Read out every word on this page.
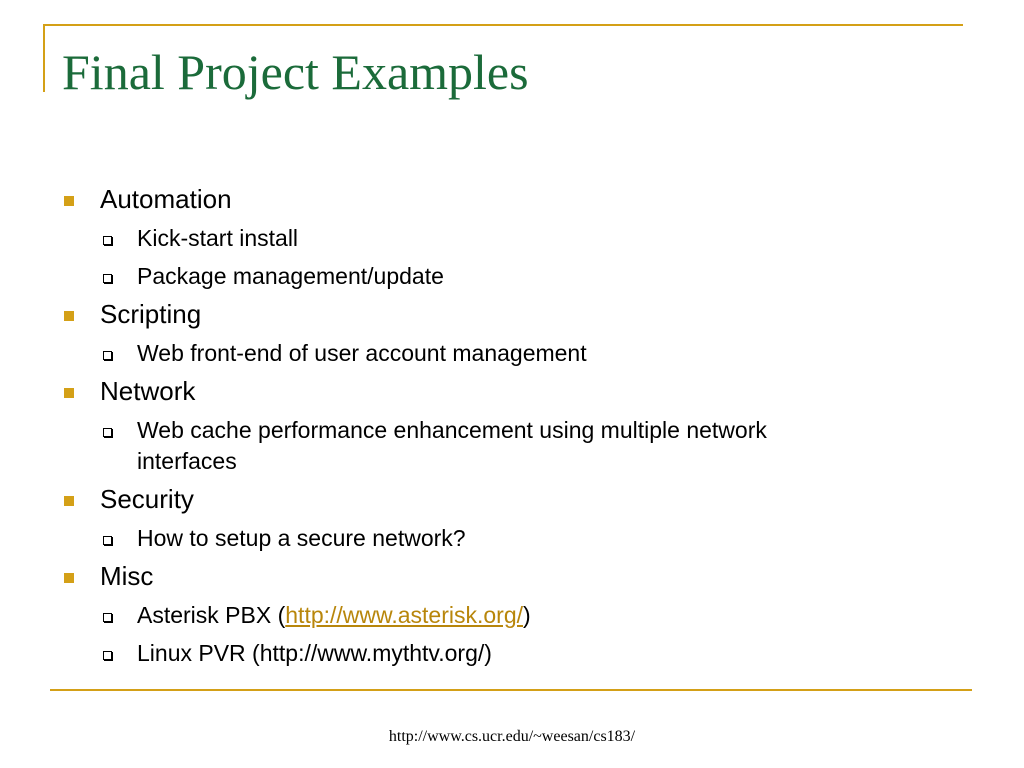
Final Project Examples
Automation
Kick-start install
Package management/update
Scripting
Web front-end of user account management
Network
Web cache performance enhancement using multiple network
interfaces
Security
How to setup a secure network?
Misc
Asterisk PBX (http://www.asterisk.org/)
Linux PVR (http://www.mythtv.org/)
http://www.cs.ucr.edu/~weesan/cs183/
